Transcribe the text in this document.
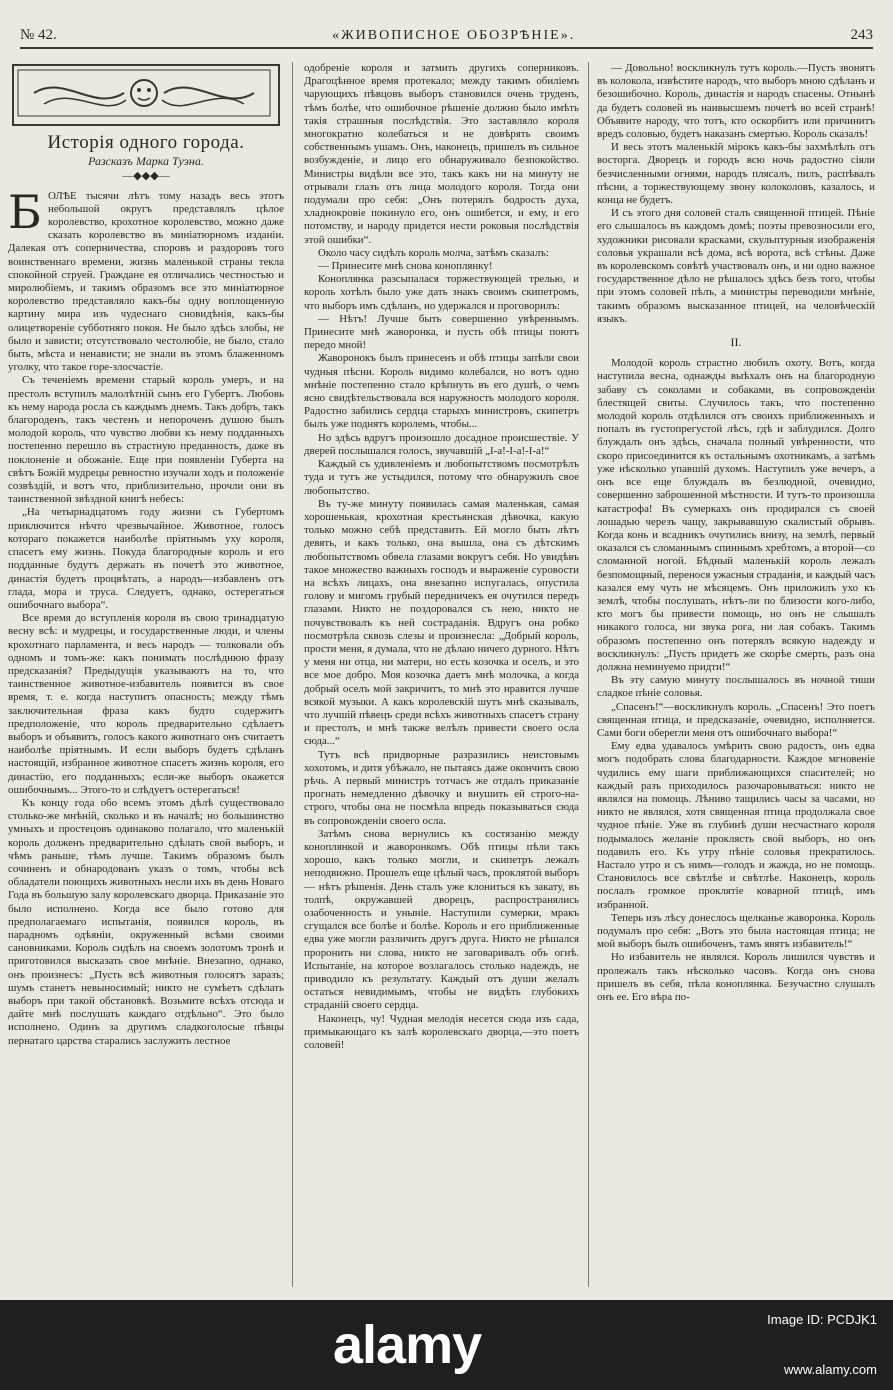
№ 42.	«ЖИВОПИСНОЕ ОБОЗРѢНІЕ».	243
Исторія одного города.
Разсказъ Марка Туэна.
—◆◆◆—
Б ОЛѢЕ тысячи лѣтъ тому назадъ весь этотъ небольшой округъ представлялъ цѣлое королевство, крохотное королевство, можно даже сказать королевство въ миніатюрномъ изданіи. Далекая отъ соперничества, споровъ и раздоровъ того воинственнаго времени, жизнь маленькой страны текла спокойной струей. Граждане ея отличались честностью и миролюбіемъ, и такимъ образомъ все это миніатюрное королевство представляло какъ-бы одну воплощенную картину мира изъ чудеснаго сновидѣнія, какъ-бы олицетвореніе субботняго покоя. Не было здѣсь злобы, не было и зависти; отсутствовало честолюбіе, не было, стало быть, мѣста и ненависти; не знали въ этомъ блаженномъ уголку, что такое горе-злосчастіе.

Съ теченіемъ времени старый король умеръ, и на престолъ вступилъ малолѣтній сынъ его Губертъ. Любовь къ нему народа росла съ каждымъ днемъ. Такъ добръ, такъ благороденъ, такъ честенъ и непороченъ душою былъ молодой король, что чувство любви къ нему подданныхъ постепенно перешло въ страстную преданность, даже въ поклоненіе и обожаніе. Еще при появленіи Губерта на свѣтъ Божій мудрецы ревностно изучали ходъ и положеніе созвѣздій, и вотъ что, приблизительно, прочли они въ таинственной звѣздной книгѣ небесъ:

„На четырнадцатомъ году жизни съ Губертомъ приключится нѣчто чрезвычайное. Животное, голосъ котораго покажется наиболѣе пріятнымъ уху короля, спасетъ ему жизнь. Покуда благородные король и его подданные будутъ держать въ почетѣ это животное, династія будетъ процвѣтать, а народъ—избавленъ отъ глада, мора и труса. Следуетъ, однако, остерегаться ошибочнаго выбора“.

Все время до вступленія короля въ свою тринадцатую весну всѣ: и мудрецы, и государственные люди, и члены крохотнаго парламента, и весь народъ — толковали объ одномъ и томъ-же: какъ понимать послѣднюю фразу предсказанія? Предыдущія указываютъ на то, что таинственное животное-избавитель появится въ свое время, т. е. когда наступитъ опасность; между тѣмъ заключительная фраза какъ будто содержитъ предположеніе, что король предварительно сдѣлаетъ выборъ и объявитъ, голосъ какого животнаго онъ считаетъ наиболѣе пріятнымъ. И если выборъ будетъ сдѣланъ настоящій, избранное животное спасетъ жизнь короля, его династію, его подданныхъ; если-же выборъ окажется ошибочнымъ... Этого-то и слѣдуетъ остерегаться!

Къ концу года обо всемъ этомъ дѣлѣ существовало столько-же мнѣній, сколько и въ началѣ; но большинство умныхъ и простецовъ одинаково полагало, что маленькій король долженъ предварительно сдѣлать свой выборъ, и чѣмъ раньше, тѣмъ лучше. Такимъ образомъ былъ сочиненъ и обнародованъ указъ о томъ, чтобы всѣ обладатели поющихъ животныхъ несли ихъ въ день Новаго Года въ большую залу королевскаго дворца. Приказаніе это было исполнено. Когда все было готово для предполагаемаго испытанія, появился король, въ парадномъ одѣяніи, окруженный всѣми своими сановниками. Король сидѣлъ на своемъ золотомъ тронѣ и приготовился высказать свое мнѣніе. Внезапно, однако, онъ произнесъ: „Пусть всѣ животныя голосятъ заразъ; шумъ станетъ невыносимый; никто не сумѣетъ сдѣлать выборъ при такой обстановкѣ. Возьмите всѣхъ отсюда и дайте мнѣ послушать каждаго отдѣльно“. Это было исполнено. Одинъ за другимъ сладкоголосые пѣвцы пернатаго царства старались заслужить лестное

одобреніе короля и затмить другихъ соперниковъ. Драгоцѣнное время протекало; между такимъ обиліемъ чарующихъ пѣвцовъ выборъ становился очень труденъ, тѣмъ болѣе, что ошибочное рѣшеніе должно было имѣть такія страшныя послѣдствія. Это заставляло короля многократно колебаться и не довѣрять своимъ собственнымъ ушамъ. Онъ, наконецъ, пришелъ въ сильное возбужденіе, и лицо его обнаруживало безпокойство. Министры видѣли все это, такъ какъ ни на минуту не отрывали глазъ отъ лица молодого короля. Тогда они подумали про себя: „Онъ потерялъ бодрость духа, хладнокровіе покинуло его, онъ ошибется, и ему, и его потомству, и народу придется нести роковыя послѣдствія этой ошибки“.

Около часу сидѣлъ король молча, затѣмъ сказалъ:

— Принесите мнѣ снова коноплянку!

Коноплянка разсыпалася торжествующей трелью, и король хотѣлъ было уже дать знакъ своимъ скипетромъ, что выборъ имъ сдѣланъ, но удержался и проговорилъ:

— Нѣтъ! Лучше быть совершенно увѣреннымъ. Принесите мнѣ жаворонка, и пусть обѣ птицы поютъ передо мной!

Жаворонокъ былъ принесенъ и обѣ птицы запѣли свои чудныя пѣсни. Король видимо колебался, но вотъ одно мнѣніе постепенно стало крѣпнуть въ его душѣ, о чемъ ясно свидѣтельствовала вся наружность молодого короля. Радостно забились сердца старыхъ министровъ, скипетръ былъ уже поднятъ королемъ, чтобы...

Но здѣсь вдругъ произошло досадное происшествіе. У дверей послышался голосъ, звучавшій „І-а!-І-а!-І-а!“

Каждый съ удивленіемъ и любопытствомъ посмотрѣлъ туда и тутъ же устыдился, потому что обнаружилъ свое любопытство.

Въ ту-же минуту появилась самая маленькая, самая хорошенькая, крохотная крестьянская дѣвочка, какую только можно себѣ представить. Ей могло быть лѣтъ девять, и какъ только, она вышла, она съ дѣтскимъ любопытствомъ обвела глазами вокругъ себя. Но увидѣвъ такое множество важныхъ господъ и выраженіе суровости на всѣхъ лицахъ, она внезапно испугалась, опустила голову и мигомъ грубый передничекъ ея очутился передъ глазами. Никто не поздоровался съ нею, никто не почувствовалъ къ ней состраданія. Вдругъ она робко посмотрѣла сквозь слезы и произнесла: „Добрый король, прости меня, я думала, что не дѣлаю ничего дурного. Нѣтъ у меня ни отца, ни матери, но есть козочка и оселъ, и это все мое добро. Моя козочка даетъ мнѣ молочка, а когда добрый оселъ мой закричитъ, то мнѣ это нравится лучше всякой музыки. А какъ королевскій шутъ мнѣ сказывалъ, что лучшій пѣвецъ среди всѣхъ животныхъ спасетъ страну и престолъ, и мнѣ также велѣлъ привести своего осла сюда...“

Тутъ всѣ придворные разразились неистовымъ хохотомъ, и дитя убѣжало, не пытаясь даже окончить свою рѣчь. А первый министръ тотчасъ же отдалъ приказаніе прогнать немедленно дѣвочку и внушить ей строго-на-строго, чтобы она не посмѣла впредь показываться сюда въ сопровожденіи своего осла.

Затѣмъ снова вернулись къ состязанію между коноплянкой и жаворонкомъ. Обѣ птицы пѣли такъ хорошо, какъ только могли, и скипетръ лежалъ неподвижно. Прошелъ еще цѣлый часъ, проклятой выборъ — нѣтъ рѣшенія. День сталъ уже клониться къ закату, въ толпѣ, окружавшей дворецъ, распространялись озабоченность и уныніе. Наступили сумерки, мракъ сгущался все болѣе и болѣе. Король и его приближенные едва уже могли различить другъ друга. Никто не рѣшался проронить ни слова, никто не заговаривалъ объ огнѣ. Испытаніе, на которое возлагалось столько надеждъ, не приводило къ результату. Каждый отъ души желалъ остаться невидимымъ, чтобы не видѣть глубокихъ страданій своего сердца.

Наконецъ, чу! Чудная мелодія несется сюда изъ сада, примыкающаго къ залѣ королевскаго дворца,—это поетъ соловей!

— Довольно! воскликнулъ тутъ король.—Пусть звонятъ въ колокола, извѣстите народъ, что выборъ мною сдѣланъ и безошибочно. Король, династія и народъ спасены. Отнынѣ да будетъ соловей въ наивысшемъ почетѣ во всей странѣ! Объявите народу, что тотъ, кто оскорбитъ или причинитъ вредъ соловью, будетъ наказанъ смертью. Король сказалъ!

И весь этотъ маленькій мірокъ какъ-бы захмѣлѣлъ отъ восторга. Дворецъ и городъ всю ночь радостно сіяли безчисленными огнями, народъ плясалъ, пилъ, распѣвалъ пѣсни, а торжествующему звону колоколовъ, казалось, и конца не будетъ.

И съ этого дня соловей сталъ священной птицей. Пѣніе его слышалось въ каждомъ домѣ; поэты превозносили его, художники рисовали красками, скульптурныя изображенія соловья украшали всѣ дома, всѣ ворота, всѣ стѣны. Даже въ королевскомъ совѣтѣ участвовалъ онъ, и ни одно важное государственное дѣло не рѣшалось здѣсь безъ того, чтобы при этомъ соловей пѣлъ, а министры переводили мнѣніе, такимъ образомъ высказанное птицей, на человѣческій языкъ.

II.

Молодой король страстно любилъ охоту. Вотъ, когда наступила весна, однажды выѣхалъ онъ на благородную забаву съ соколами и собаками, въ сопровожденіи блестящей свиты. Случилось такъ, что постепенно молодой король отдѣлился отъ своихъ приближенныхъ и попалъ въ густопрегустой лѣсъ, гдѣ и заблудился. Долго блуждалъ онъ здѣсь, сначала полный увѣренности, что скоро присоединится къ остальнымъ охотникамъ, а затѣмъ уже нѣсколько упавшій духомъ. Наступилъ уже вечеръ, а онъ все еще блуждалъ въ безлюдной, очевидно, совершенно заброшенной мѣстности. И тутъ-то произошла катастрофа! Въ сумеркахъ онъ продирался съ своей лошадью черезъ чащу, закрывавшую скалистый обрывъ. Когда конь и всадникъ очутились внизу, на землѣ, первый оказался съ сломаннымъ спиннымъ хребтомъ, а второй—со сломанной ногой. Бѣдный маленькій король лежалъ безпомощный, перенося ужасныя страданія, и каждый часъ казался ему чуть не мѣсяцемъ. Онъ приложилъ ухо къ землѣ, чтобы послушать, нѣтъ-ли по близости кого-либо, кто могъ бы привести помощь, но онъ не слышалъ никакого голоса, ни звука рога, ни лая собакъ. Такимъ образомъ постепенно онъ потерялъ всякую надежду и воскликнулъ: „Пусть придетъ же скорѣе смерть, разъ она должна неминуемо придти!“

Въ эту самую минуту послышалось въ ночной тиши сладкое пѣніе соловья.

„Спасенъ!“—воскликнулъ король. „Спасенъ! Это поетъ священная птица, и предсказаніе, очевидно, исполняется. Сами боги оберегли меня отъ ошибочнаго выбора!“

Ему едва удавалось умѣрить свою радость, онъ едва могъ подобрать слова благодарности. Каждое мгновеніе чудились ему шаги приближающихся спасителей; но каждый разъ приходилось разочаровываться: никто не являлся на помощь. Лѣниво тащились часы за часами, но никто не являлся, хотя священная птица продолжала свое чудное пѣніе. Уже въ глубинѣ души несчастнаго короля подымалось желаніе проклясть свой выборъ, но онъ подавилъ его. Къ утру пѣніе соловья прекратилось. Настало утро и съ нимъ—голодъ и жажда, но не помощь. Становилось все свѣтлѣе и свѣтлѣе. Наконецъ, король послалъ громкое проклятіе коварной птицѣ, имъ избранной.

Теперь изъ лѣсу донеслось щелканье жаворонка. Король подумалъ про себя: „Вотъ это была настоящая птица; не мой выборъ былъ ошибоченъ, тамъ явятъ избавитель!“

Но избавитель не являлся. Король лишился чувствъ и пролежалъ такъ нѣсколько часовъ. Когда онъ снова пришелъ въ себя, пѣла коноплянка. Безучастно слушалъ онъ ее. Его вѣра по-

alamy	Image ID: PCDJK1
www.alamy.com
